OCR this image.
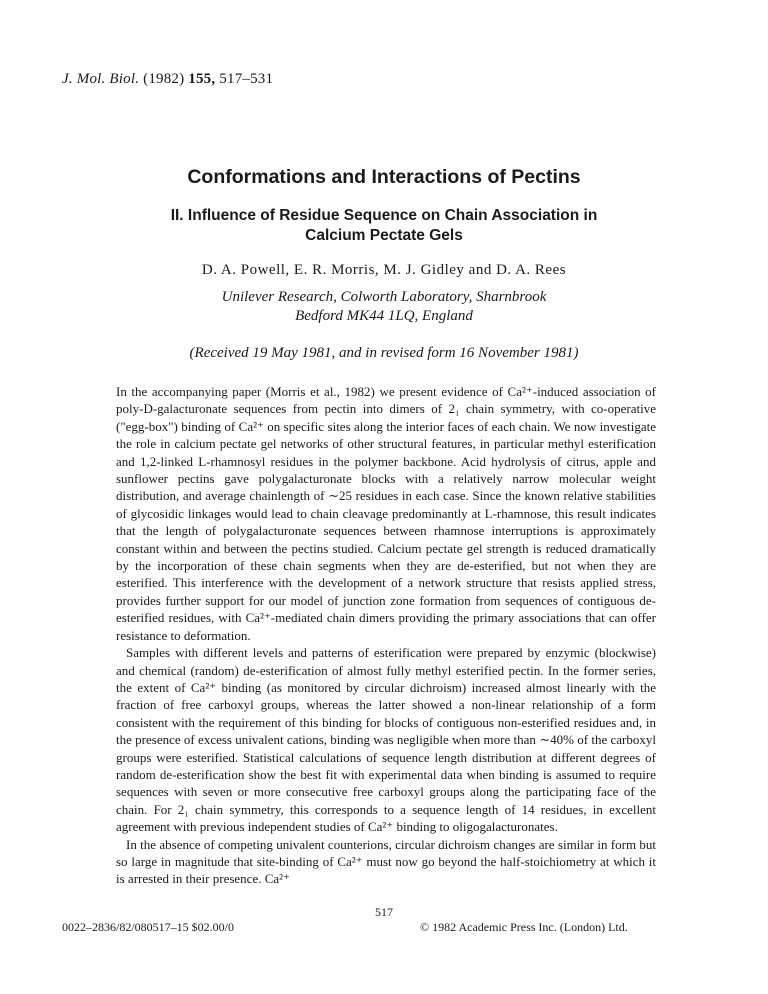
J. Mol. Biol. (1982) 155, 517–531
Conformations and Interactions of Pectins
II. Influence of Residue Sequence on Chain Association in
Calcium Pectate Gels
D. A. Powell, E. R. Morris, M. J. Gidley and D. A. Rees
Unilever Research, Colworth Laboratory, Sharnbrook
Bedford MK44 1LQ, England
(Received 19 May 1981, and in revised form 16 November 1981)

In the accompanying paper (Morris et al., 1982) we present evidence of Ca²⁺-induced association of poly-D-galacturonate sequences from pectin into dimers of 2₁ chain symmetry, with co-operative ("egg-box") binding of Ca²⁺ on specific sites along the interior faces of each chain. We now investigate the role in calcium pectate gel networks of other structural features, in particular methyl esterification and 1,2-linked L-rhamnosyl residues in the polymer backbone. Acid hydrolysis of citrus, apple and sunflower pectins gave polygalacturonate blocks with a relatively narrow molecular weight distribution, and average chainlength of ∼25 residues in each case. Since the known relative stabilities of glycosidic linkages would lead to chain cleavage predominantly at L-rhamnose, this result indicates that the length of polygalacturonate sequences between rhamnose interruptions is approximately constant within and between the pectins studied. Calcium pectate gel strength is reduced dramatically by the incorporation of these chain segments when they are de-esterified, but not when they are esterified. This interference with the development of a network structure that resists applied stress, provides further support for our model of junction zone formation from sequences of contiguous de-esterified residues, with Ca²⁺-mediated chain dimers providing the primary associations that can offer resistance to deformation.

Samples with different levels and patterns of esterification were prepared by enzymic (blockwise) and chemical (random) de-esterification of almost fully methyl esterified pectin. In the former series, the extent of Ca²⁺ binding (as monitored by circular dichroism) increased almost linearly with the fraction of free carboxyl groups, whereas the latter showed a non-linear relationship of a form consistent with the requirement of this binding for blocks of contiguous non-esterified residues and, in the presence of excess univalent cations, binding was negligible when more than ∼40% of the carboxyl groups were esterified. Statistical calculations of sequence length distribution at different degrees of random de-esterification show the best fit with experimental data when binding is assumed to require sequences with seven or more consecutive free carboxyl groups along the participating face of the chain. For 2₁ chain symmetry, this corresponds to a sequence length of 14 residues, in excellent agreement with previous independent studies of Ca²⁺ binding to oligogalacturonates.

In the absence of competing univalent counterions, circular dichroism changes are similar in form but so large in magnitude that site-binding of Ca²⁺ must now go beyond the half-stoichiometry at which it is arrested in their presence. Ca²⁺

517
0022–2836/82/080517–15 $02.00/0	© 1982 Academic Press Inc. (London) Ltd.
